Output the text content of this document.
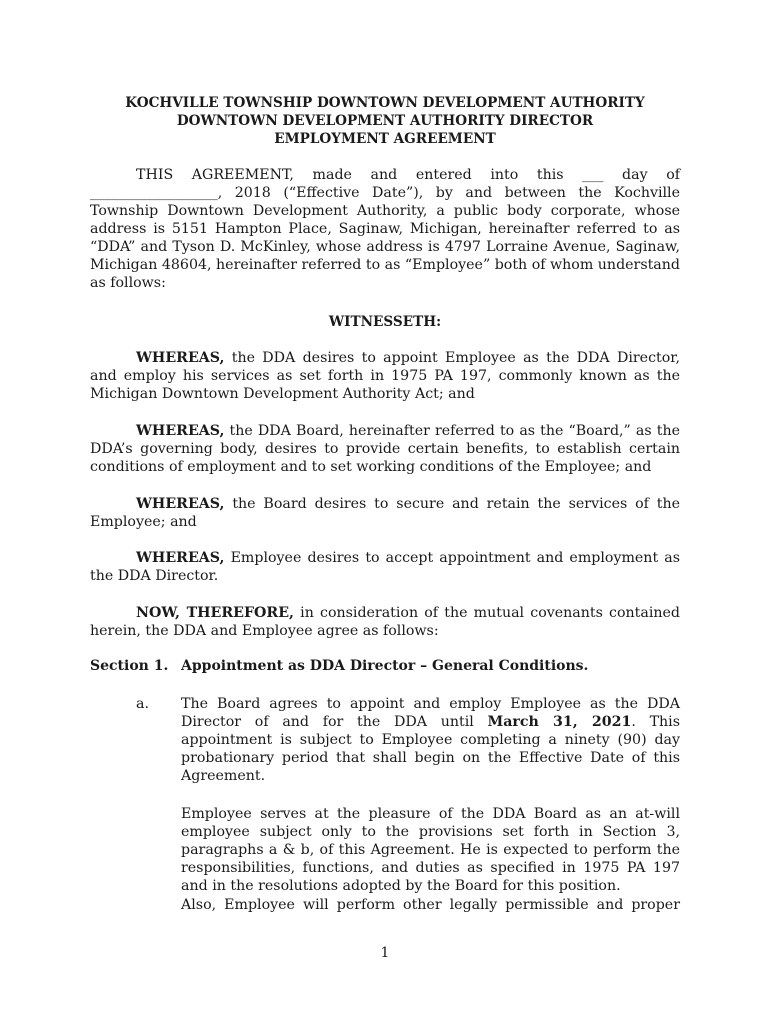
KOCHVILLE TOWNSHIP DOWNTOWN DEVELOPMENT AUTHORITY
DOWNTOWN DEVELOPMENT AUTHORITY DIRECTOR
EMPLOYMENT AGREEMENT

THIS AGREEMENT, made and entered into this ___ day of __________________, 2018 (“Effective Date”), by and between the Kochville Township Downtown Development Authority, a public body corporate, whose address is 5151 Hampton Place, Saginaw, Michigan, hereinafter referred to as “DDA” and Tyson D. McKinley, whose address is 4797 Lorraine Avenue, Saginaw, Michigan 48604, hereinafter referred to as “Employee” both of whom understand as follows:

WITNESSETH:

WHEREAS, the DDA desires to appoint Employee as the DDA Director, and employ his services as set forth in 1975 PA 197, commonly known as the Michigan Downtown Development Authority Act; and

WHEREAS, the DDA Board, hereinafter referred to as the “Board,” as the DDA’s governing body, desires to provide certain benefits, to establish certain conditions of employment and to set working conditions of the Employee; and

WHEREAS, the Board desires to secure and retain the services of the Employee; and

WHEREAS, Employee desires to accept appointment and employment as the DDA Director.

NOW, THEREFORE, in consideration of the mutual covenants contained herein, the DDA and Employee agree as follows:

Section 1. Appointment as DDA Director – General Conditions.
a. The Board agrees to appoint and employ Employee as the DDA Director of and for the DDA until March 31, 2021. This appointment is subject to Employee completing a ninety (90) day probationary period that shall begin on the Effective Date of this Agreement.

Employee serves at the pleasure of the DDA Board as an at-will employee subject only to the provisions set forth in Section 3, paragraphs a & b, of this Agreement. He is expected to perform the responsibilities, functions, and duties as specified in 1975 PA 197 and in the resolutions adopted by the Board for this position.

Also, Employee will perform other legally permissible and proper

1
